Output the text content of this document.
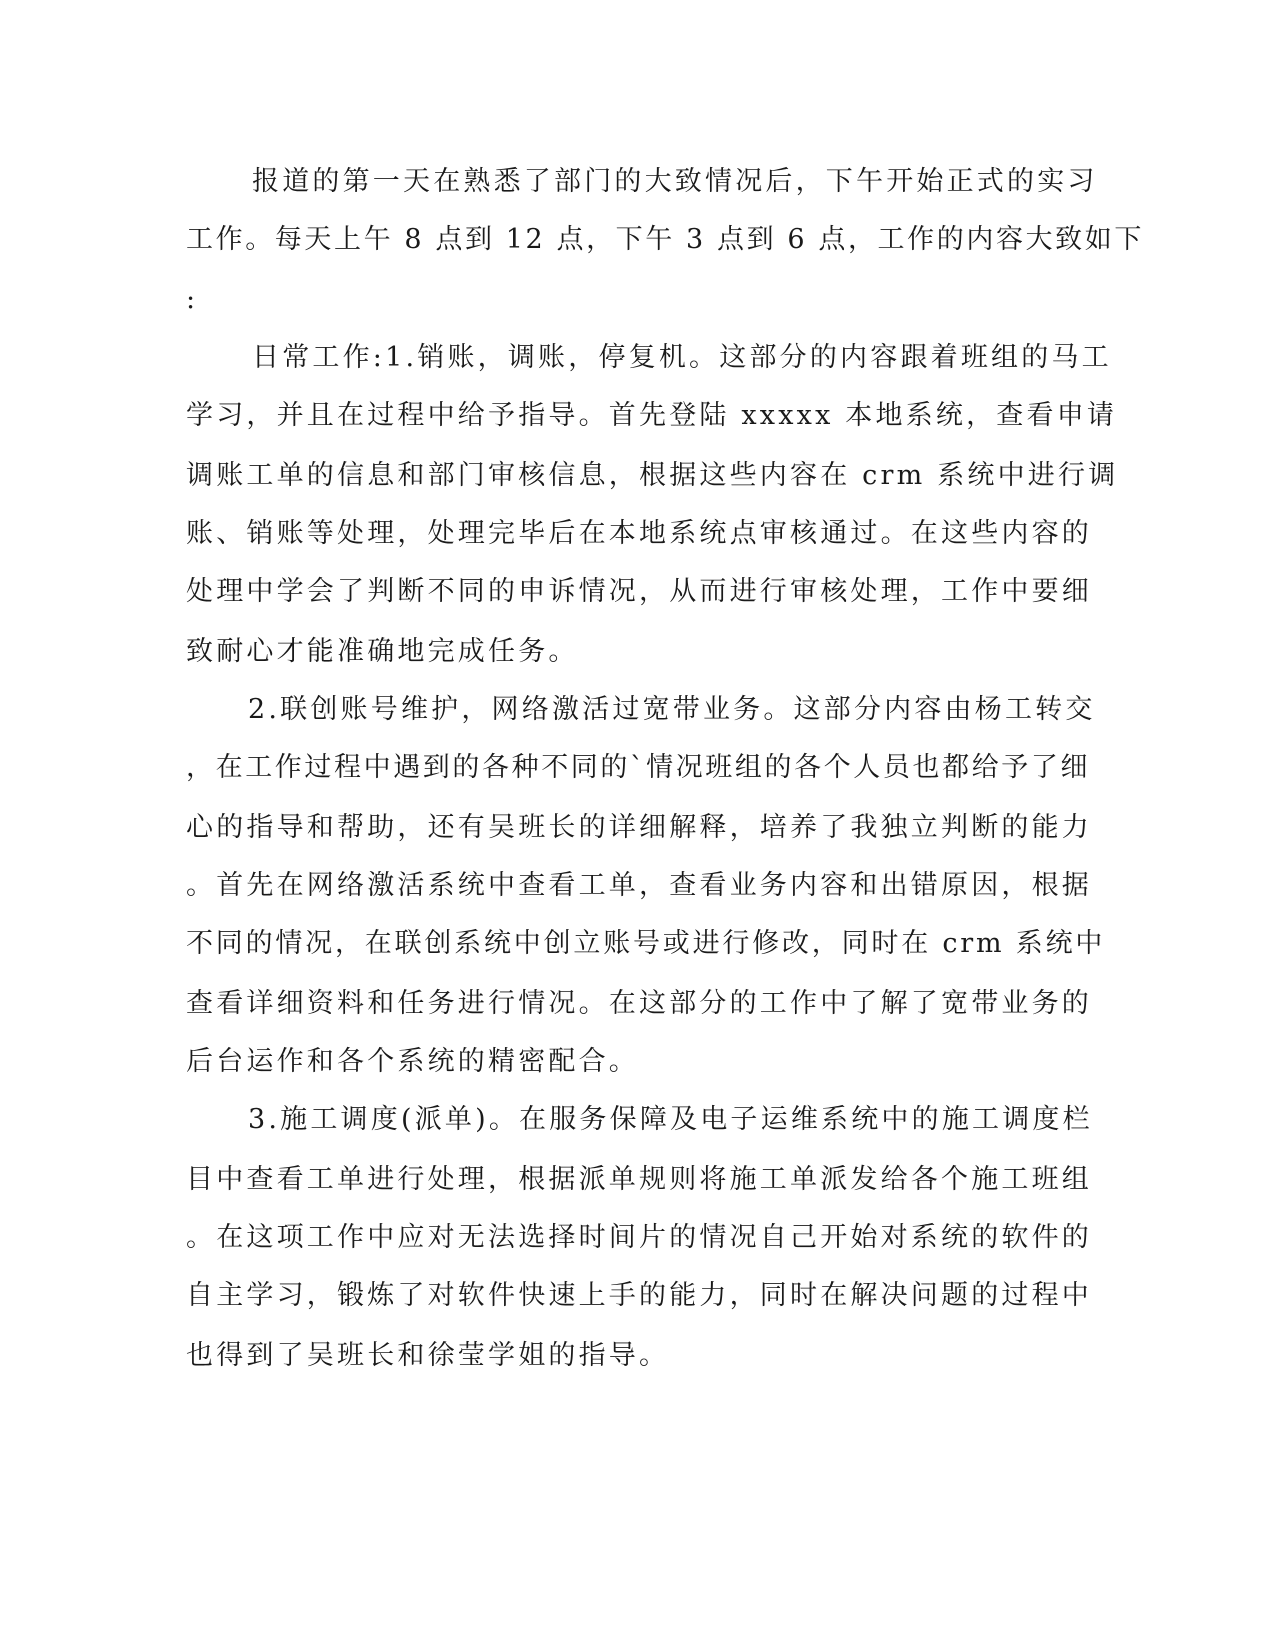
报道的第一天在熟悉了部门的大致情况后，下午开始正式的实习
工作。每天上午 8 点到 12 点，下午 3 点到 6 点，工作的内容大致如下
:
日常工作:1.销账，调账，停复机。这部分的内容跟着班组的马工
学习，并且在过程中给予指导。首先登陆 xxxxx 本地系统，查看申请
调账工单的信息和部门审核信息，根据这些内容在 crm 系统中进行调
账、销账等处理，处理完毕后在本地系统点审核通过。在这些内容的
处理中学会了判断不同的申诉情况，从而进行审核处理，工作中要细
致耐心才能准确地完成任务。
2.联创账号维护，网络激活过宽带业务。这部分内容由杨工转交
，在工作过程中遇到的各种不同的`情况班组的各个人员也都给予了细
心的指导和帮助，还有吴班长的详细解释，培养了我独立判断的能力
。首先在网络激活系统中查看工单，查看业务内容和出错原因，根据
不同的情况，在联创系统中创立账号或进行修改，同时在 crm 系统中
查看详细资料和任务进行情况。在这部分的工作中了解了宽带业务的
后台运作和各个系统的精密配合。
3.施工调度(派单)。在服务保障及电子运维系统中的施工调度栏
目中查看工单进行处理，根据派单规则将施工单派发给各个施工班组
。在这项工作中应对无法选择时间片的情况自己开始对系统的软件的
自主学习，锻炼了对软件快速上手的能力，同时在解决问题的过程中
也得到了吴班长和徐莹学姐的指导。
